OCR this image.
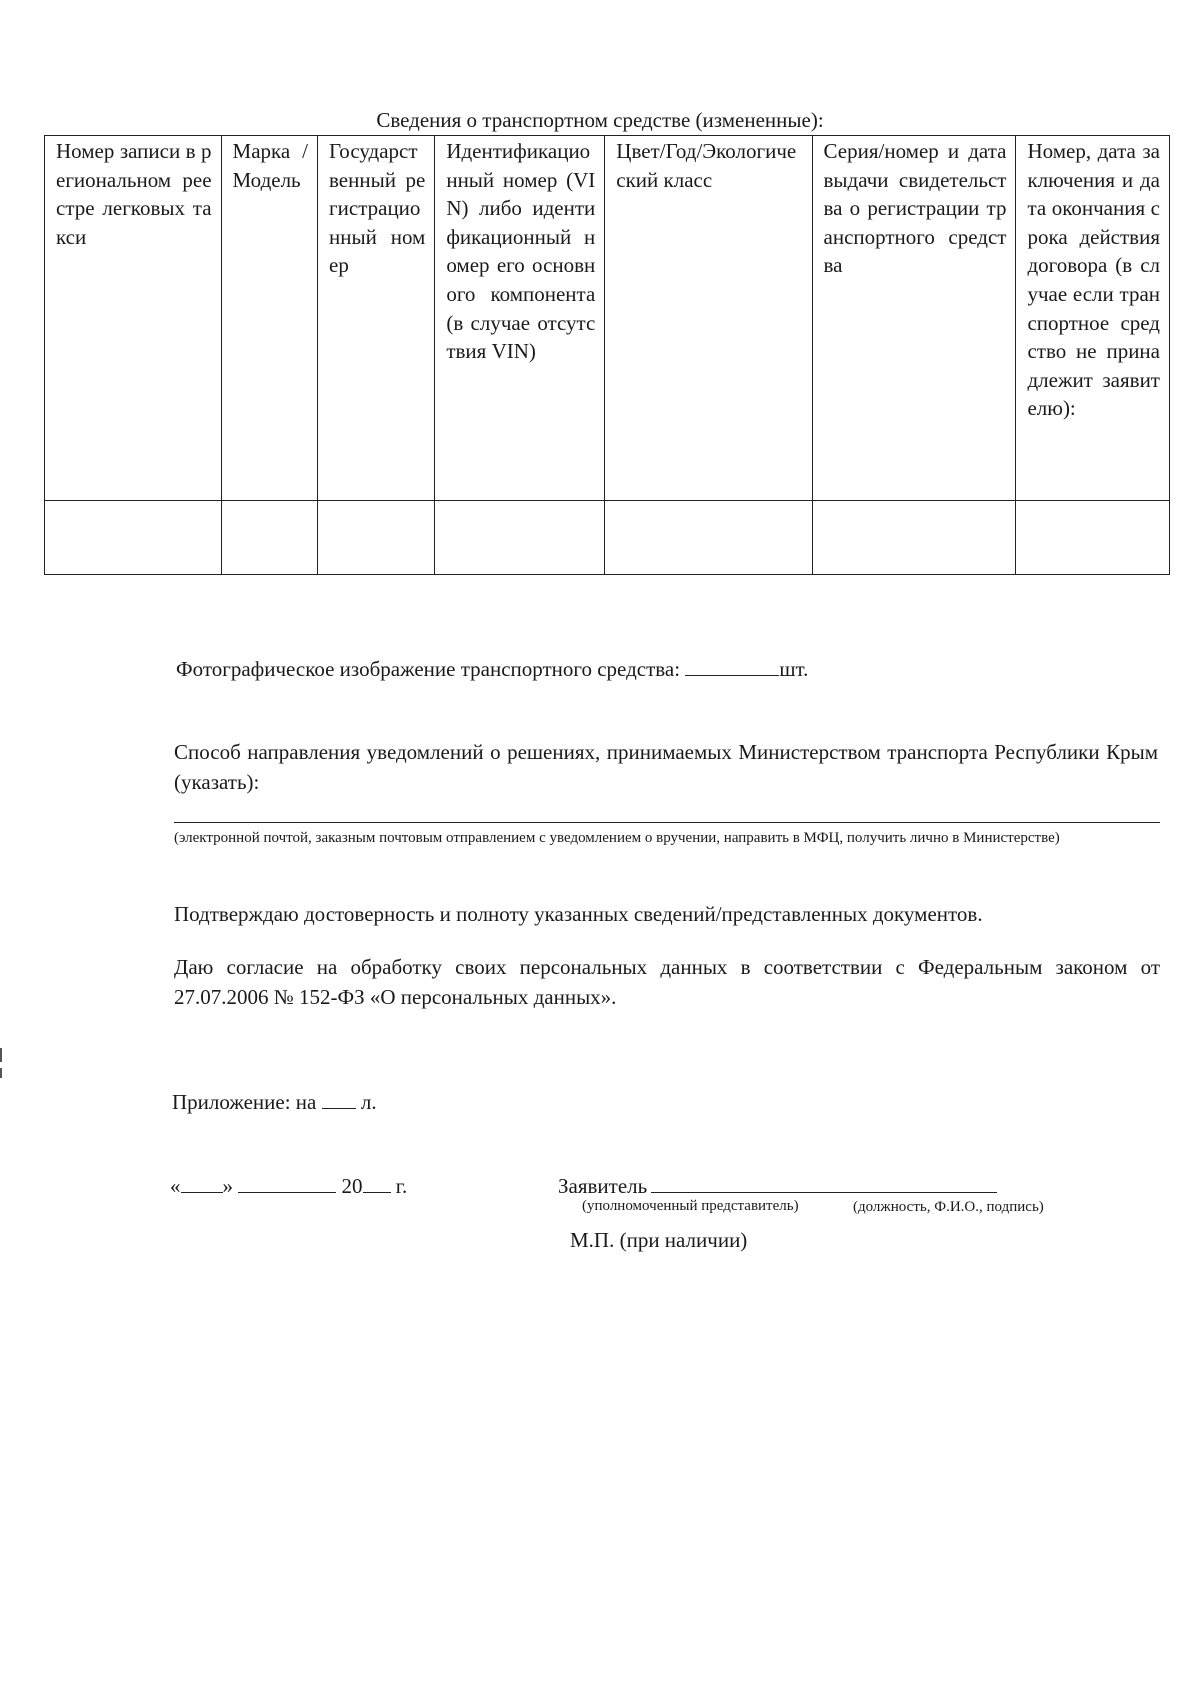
Сведения о транспортном средстве (измененные):
Номер записи в региональном реестре легковых такси	Марка /Модель	Государственный регистрационный номер	Идентификационный номер (VIN) либо идентификационный номер его основного компонента (в случае отсутствия VIN)	Цвет/Год/Экологический класс	Серия/номер и дата выдачи свидетельства о регистрации транспортного средства	Номер, дата заключения и дата окончания срока действия договора (в случае если транспортное средство не принадлежит заявителю):

Фотографическое изображение транспортного средства:	шт.
Способ направления уведомлений о решениях, принимаемых Министерством транспорта Республики Крым (указать):
(электронной почтой, заказным почтовым отправлением с уведомлением о вручении, направить в МФЦ, получить лично в Министерстве)
Подтверждаю достоверность и полноту указанных сведений/представленных документов.
Даю согласие на обработку своих персональных данных в соответствии с Федеральным законом от 27.07.2006 № 152-ФЗ «О персональных данных».
Приложение: на л.
« »	20 г.	Заявитель
(уполномоченный представитель)	(должность, Ф.И.О., подпись)
М.П. (при наличии)
